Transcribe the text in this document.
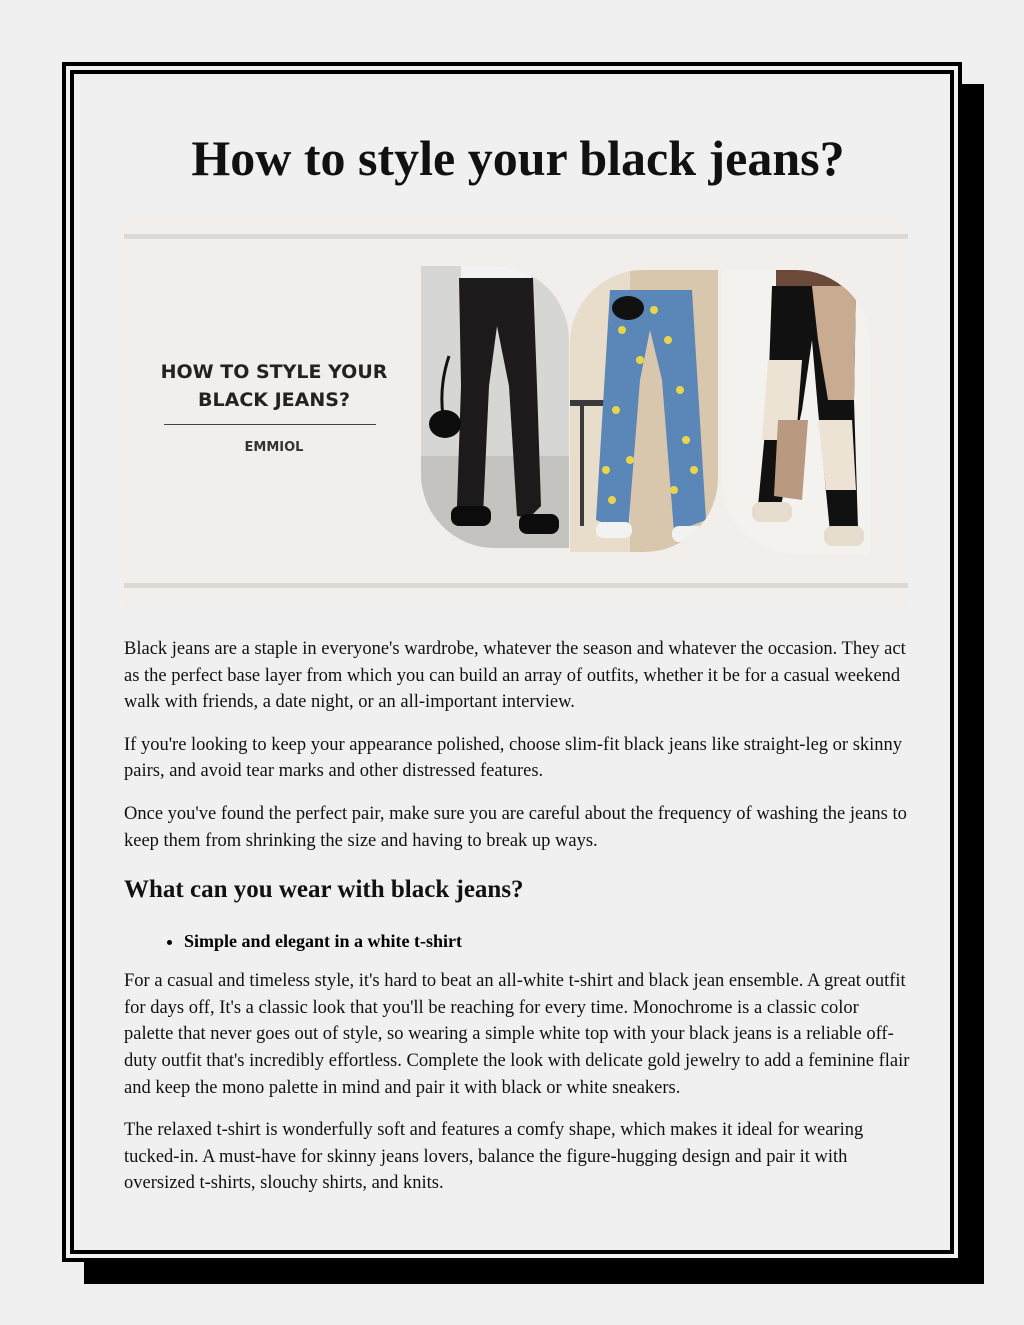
How to style your black jeans?
HOW TO STYLE YOUR BLACK JEANS?
EMMIOL

Black jeans are a staple in everyone's wardrobe, whatever the season and whatever the occasion. They act as the perfect base layer from which you can build an array of outfits, whether it be for a casual weekend walk with friends, a date night, or an all-important interview.

If you're looking to keep your appearance polished, choose slim-fit black jeans like straight-leg or skinny pairs, and avoid tear marks and other distressed features.

Once you've found the perfect pair, make sure you are careful about the frequency of washing the jeans to keep them from shrinking the size and having to break up ways.

What can you wear with black jeans?
• Simple and elegant in a white t-shirt

For a casual and timeless style, it's hard to beat an all-white t-shirt and black jean ensemble. A great outfit for days off, It's a classic look that you'll be reaching for every time. Monochrome is a classic color palette that never goes out of style, so wearing a simple white top with your black jeans is a reliable off-duty outfit that's incredibly effortless. Complete the look with delicate gold jewelry to add a feminine flair and keep the mono palette in mind and pair it with black or white sneakers.

The relaxed t-shirt is wonderfully soft and features a comfy shape, which makes it ideal for wearing tucked-in. A must-have for skinny jeans lovers, balance the figure-hugging design and pair it with oversized t-shirts, slouchy shirts, and knits.
